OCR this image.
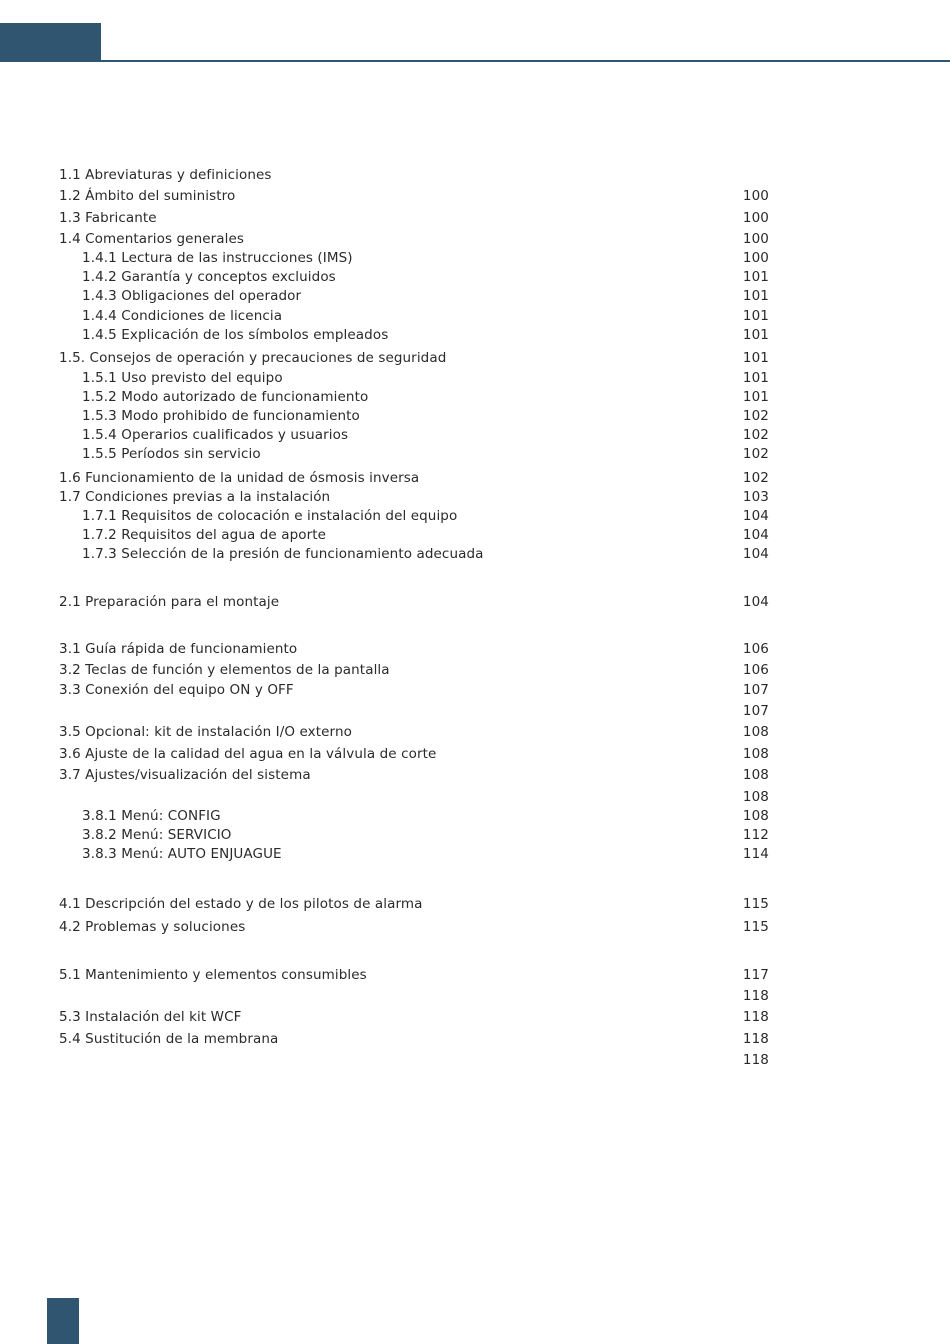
1.1 Abreviaturas y definiciones
1.2 Ámbito del suministro	100
1.3 Fabricante	100
1.4 Comentarios generales	100
1.4.1 Lectura de las instrucciones (IMS)	100
1.4.2 Garantía y conceptos excluidos	101
1.4.3 Obligaciones del operador	101
1.4.4 Condiciones de licencia	101
1.4.5 Explicación de los símbolos empleados	101
1.5. Consejos de operación y precauciones de seguridad	101
1.5.1 Uso previsto del equipo	101
1.5.2 Modo autorizado de funcionamiento	101
1.5.3 Modo prohibido de funcionamiento	102
1.5.4 Operarios cualificados y usuarios	102
1.5.5 Períodos sin servicio	102
1.6 Funcionamiento de la unidad de ósmosis inversa	102
1.7 Condiciones previas a la instalación	103
1.7.1 Requisitos de colocación e instalación del equipo	104
1.7.2 Requisitos del agua de aporte	104
1.7.3 Selección de la presión de funcionamiento adecuada	104
2.1 Preparación para el montaje	104
3.1 Guía rápida de funcionamiento	106
3.2 Teclas de función y elementos de la pantalla	106
3.3 Conexión del equipo ON y OFF	107
107
3.5 Opcional: kit de instalación I/O externo	108
3.6 Ajuste de la calidad del agua en la válvula de corte	108
3.7 Ajustes/visualización del sistema	108
108
3.8.1 Menú: CONFIG	108
3.8.2 Menú: SERVICIO	112
3.8.3 Menú: AUTO ENJUAGUE	114
4.1 Descripción del estado y de los pilotos de alarma	115
4.2 Problemas y soluciones	115
5.1 Mantenimiento y elementos consumibles	117
118
5.3 Instalación del kit WCF	118
5.4 Sustitución de la membrana	118
118
